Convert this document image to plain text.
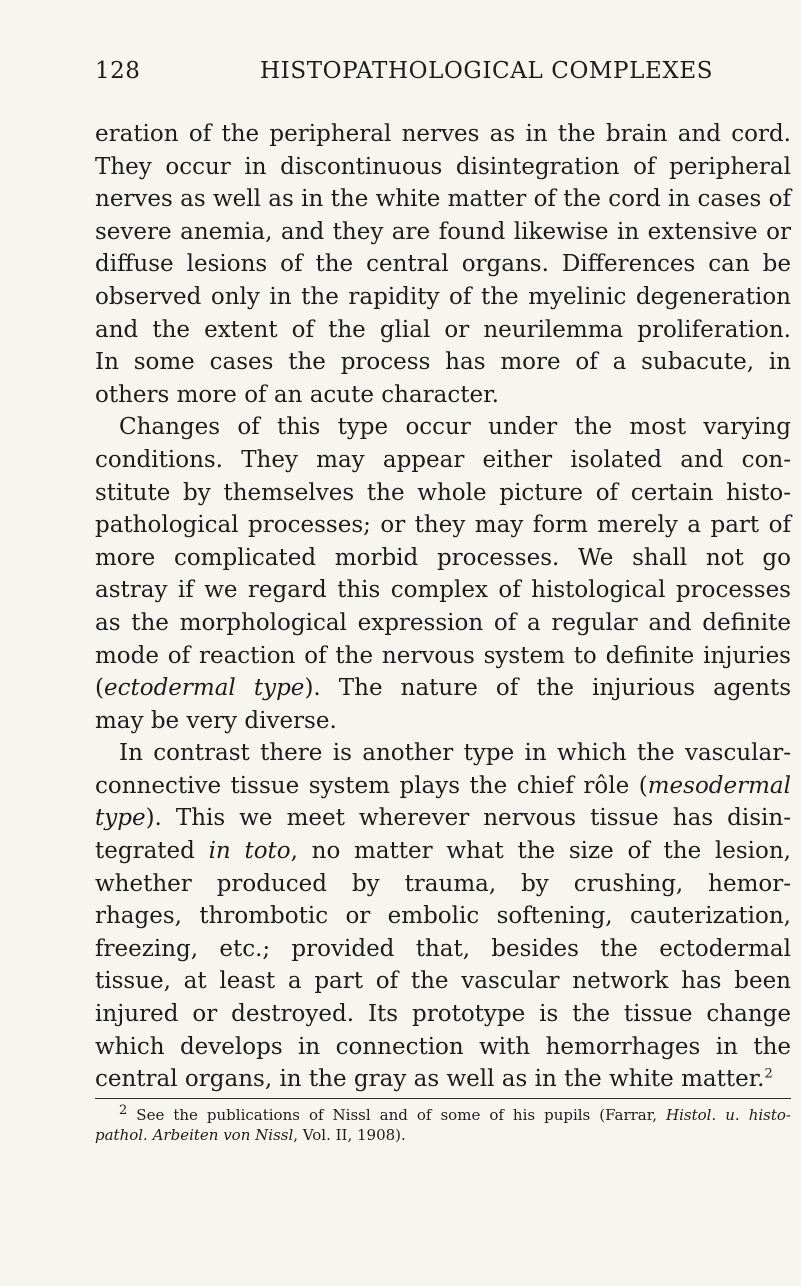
128	HISTOPATHOLOGICAL COMPLEXES
eration of the peripheral nerves as in the brain and cord.
They occur in discontinuous disintegration of peripheral
nerves as well as in the white matter of the cord in cases of
severe anemia, and they are found likewise in extensive or
diffuse lesions of the central organs. Differences can be
observed only in the rapidity of the myelinic degeneration
and the extent of the glial or neurilemma proliferation.
In some cases the process has more of a subacute, in
others more of an acute character.
Changes of this type occur under the most varying
conditions. They may appear either isolated and con-
stitute by themselves the whole picture of certain histo-
pathological processes; or they may form merely a part of
more complicated morbid processes. We shall not go
astray if we regard this complex of histological processes
as the morphological expression of a regular and definite
mode of reaction of the nervous system to definite injuries
(ectodermal type). The nature of the injurious agents
may be very diverse.
In contrast there is another type in which the vascular-
connective tissue system plays the chief rôle (mesodermal
type). This we meet wherever nervous tissue has disin-
tegrated in toto, no matter what the size of the lesion,
whether produced by trauma, by crushing, hemor-
rhages, thrombotic or embolic softening, cauterization,
freezing, etc.; provided that, besides the ectodermal
tissue, at least a part of the vascular network has been
injured or destroyed. Its prototype is the tissue change
which develops in connection with hemorrhages in the
central organs, in the gray as well as in the white matter.$^2$
$^2$ See the publications of Nissl and of some of his pupils (Farrar, Histol. u. histo-
pathol. Arbeiten von Nissl, Vol. II, 1908).
